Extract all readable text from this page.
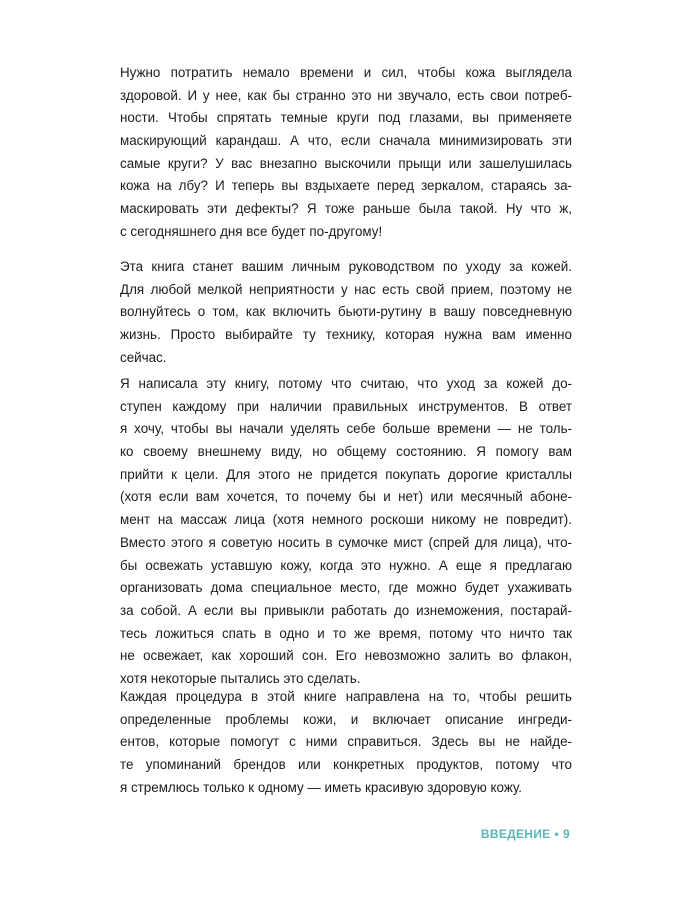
Нужно потратить немало времени и сил, чтобы кожа выглядела
здоровой. И у нее, как бы странно это ни звучало, есть свои потреб-
ности. Чтобы спрятать темные круги под глазами, вы применяете
маскирующий карандаш. А что, если сначала минимизировать эти
самые круги? У вас внезапно выскочили прыщи или зашелушилась
кожа на лбу? И теперь вы вздыхаете перед зеркалом, стараясь за-
маскировать эти дефекты? Я тоже раньше была такой. Ну что ж,
с сегодняшнего дня все будет по-другому!
Эта книга станет вашим личным руководством по уходу за кожей.
Для любой мелкой неприятности у нас есть свой прием, поэтому не
волнуйтесь о том, как включить бьюти-рутину в вашу повседневную
жизнь. Просто выбирайте ту технику, которая нужна вам именно
сейчас.
Я написала эту книгу, потому что считаю, что уход за кожей до-
ступен каждому при наличии правильных инструментов. В ответ
я хочу, чтобы вы начали уделять себе больше времени — не толь-
ко своему внешнему виду, но общему состоянию. Я помогу вам
прийти к цели. Для этого не придется покупать дорогие кристаллы
(хотя если вам хочется, то почему бы и нет) или месячный абоне-
мент на массаж лица (хотя немного роскоши никому не повредит).
Вместо этого я советую носить в сумочке мист (спрей для лица), что-
бы освежать уставшую кожу, когда это нужно. А еще я предлагаю
организовать дома специальное место, где можно будет ухаживать
за собой. А если вы привыкли работать до изнеможения, постарай-
тесь ложиться спать в одно и то же время, потому что ничто так
не освежает, как хороший сон. Его невозможно залить во флакон,
хотя некоторые пытались это сделать.
Каждая процедура в этой книге направлена на то, чтобы решить
определенные проблемы кожи, и включает описание ингреди-
ентов, которые помогут с ними справиться. Здесь вы не найде-
те упоминаний брендов или конкретных продуктов, потому что
я стремлюсь только к одному — иметь красивую здоровую кожу.
ВВЕДЕНИЕ • 9
